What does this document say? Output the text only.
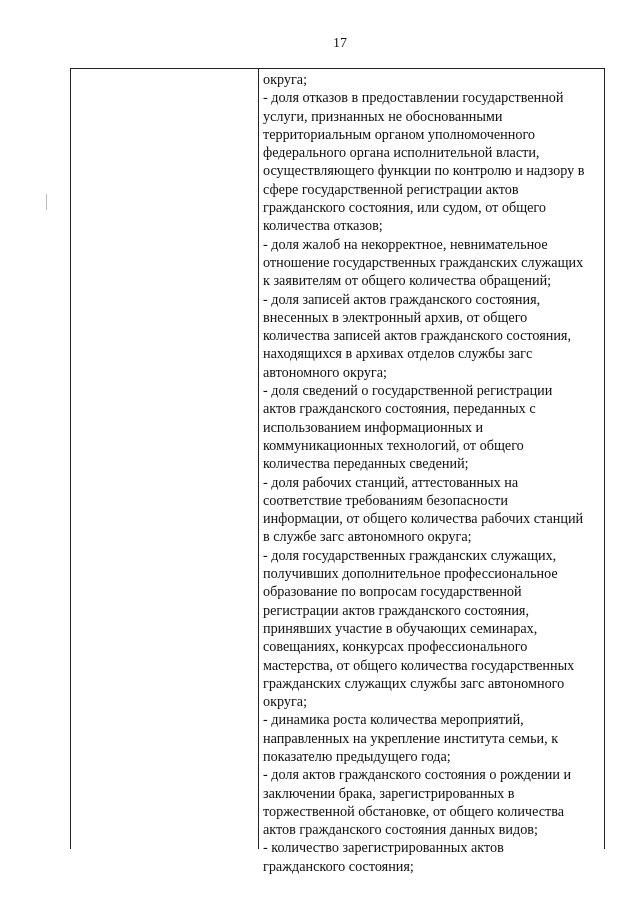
17
округа;
- доля отказов в предоставлении государственной
услуги, признанных не обоснованными
территориальным органом уполномоченного
федерального органа исполнительной власти,
осуществляющего функции по контролю и надзору в
сфере государственной регистрации актов
гражданского состояния, или судом, от общего
количества отказов;
- доля жалоб на некорректное, невнимательное
отношение государственных гражданских служащих
к заявителям от общего количества обращений;
- доля записей актов гражданского состояния,
внесенных в электронный архив, от общего
количества записей актов гражданского состояния,
находящихся в архивах отделов службы загс
автономного округа;
- доля сведений о государственной регистрации
актов гражданского состояния, переданных с
использованием информационных и
коммуникационных технологий, от общего
количества переданных сведений;
- доля рабочих станций, аттестованных на
соответствие требованиям безопасности
информации, от общего количества рабочих станций
в службе загс автономного округа;
- доля государственных гражданских служащих,
получивших дополнительное профессиональное
образование по вопросам государственной
регистрации актов гражданского состояния,
принявших участие в обучающих семинарах,
совещаниях, конкурсах профессионального
мастерства, от общего количества государственных
гражданских служащих службы загс автономного
округа;
- динамика роста количества мероприятий,
направленных на укрепление института семьи, к
показателю предыдущего года;
- доля актов гражданского состояния о рождении и
заключении брака, зарегистрированных в
торжественной обстановке, от общего количества
актов гражданского состояния данных видов;
- количество зарегистрированных актов
гражданского состояния;
